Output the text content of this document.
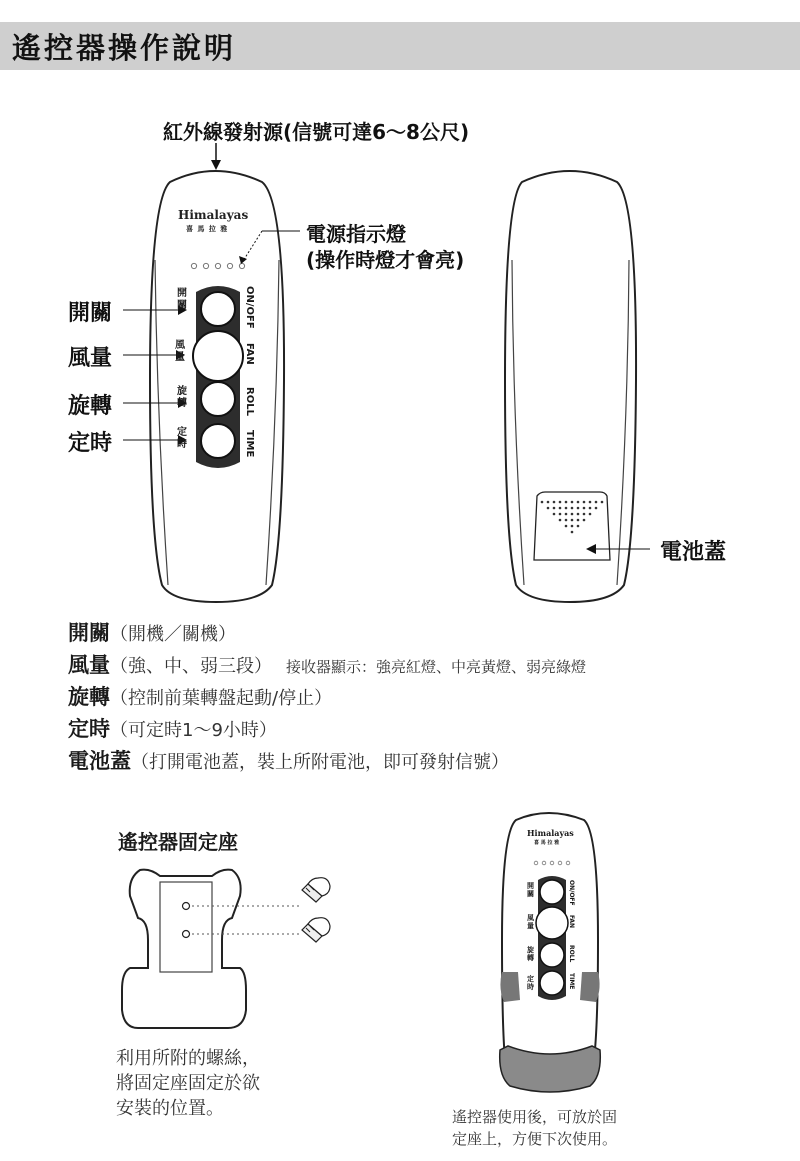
遙控器操作說明
紅外線發射源(信號可達6～8公尺)
Himalayas
喜 馬 拉 雅
開關
風量
旋轉
定時
ON/OFF
FAN
ROLL
TIME
電源指示燈
(操作時燈才會亮)
開關
風量
旋轉
定時
電池蓋
開關（開機／關機）
風量（強、中、弱三段） 接收器顯示：強亮紅燈、中亮黃燈、弱亮綠燈
旋轉（控制前葉轉盤起動/停止）
定時（可定時1～9小時）
電池蓋（打開電池蓋，裝上所附電池，即可發射信號）
遙控器固定座
利用所附的螺絲，
將固定座固定於欲
安裝的位置。
Himalayas
喜 馬 拉 雅
開關
風量
旋轉
定時
ON/OFF
FAN
ROLL
TIME
遙控器使用後，可放於固
定座上，方便下次使用。
